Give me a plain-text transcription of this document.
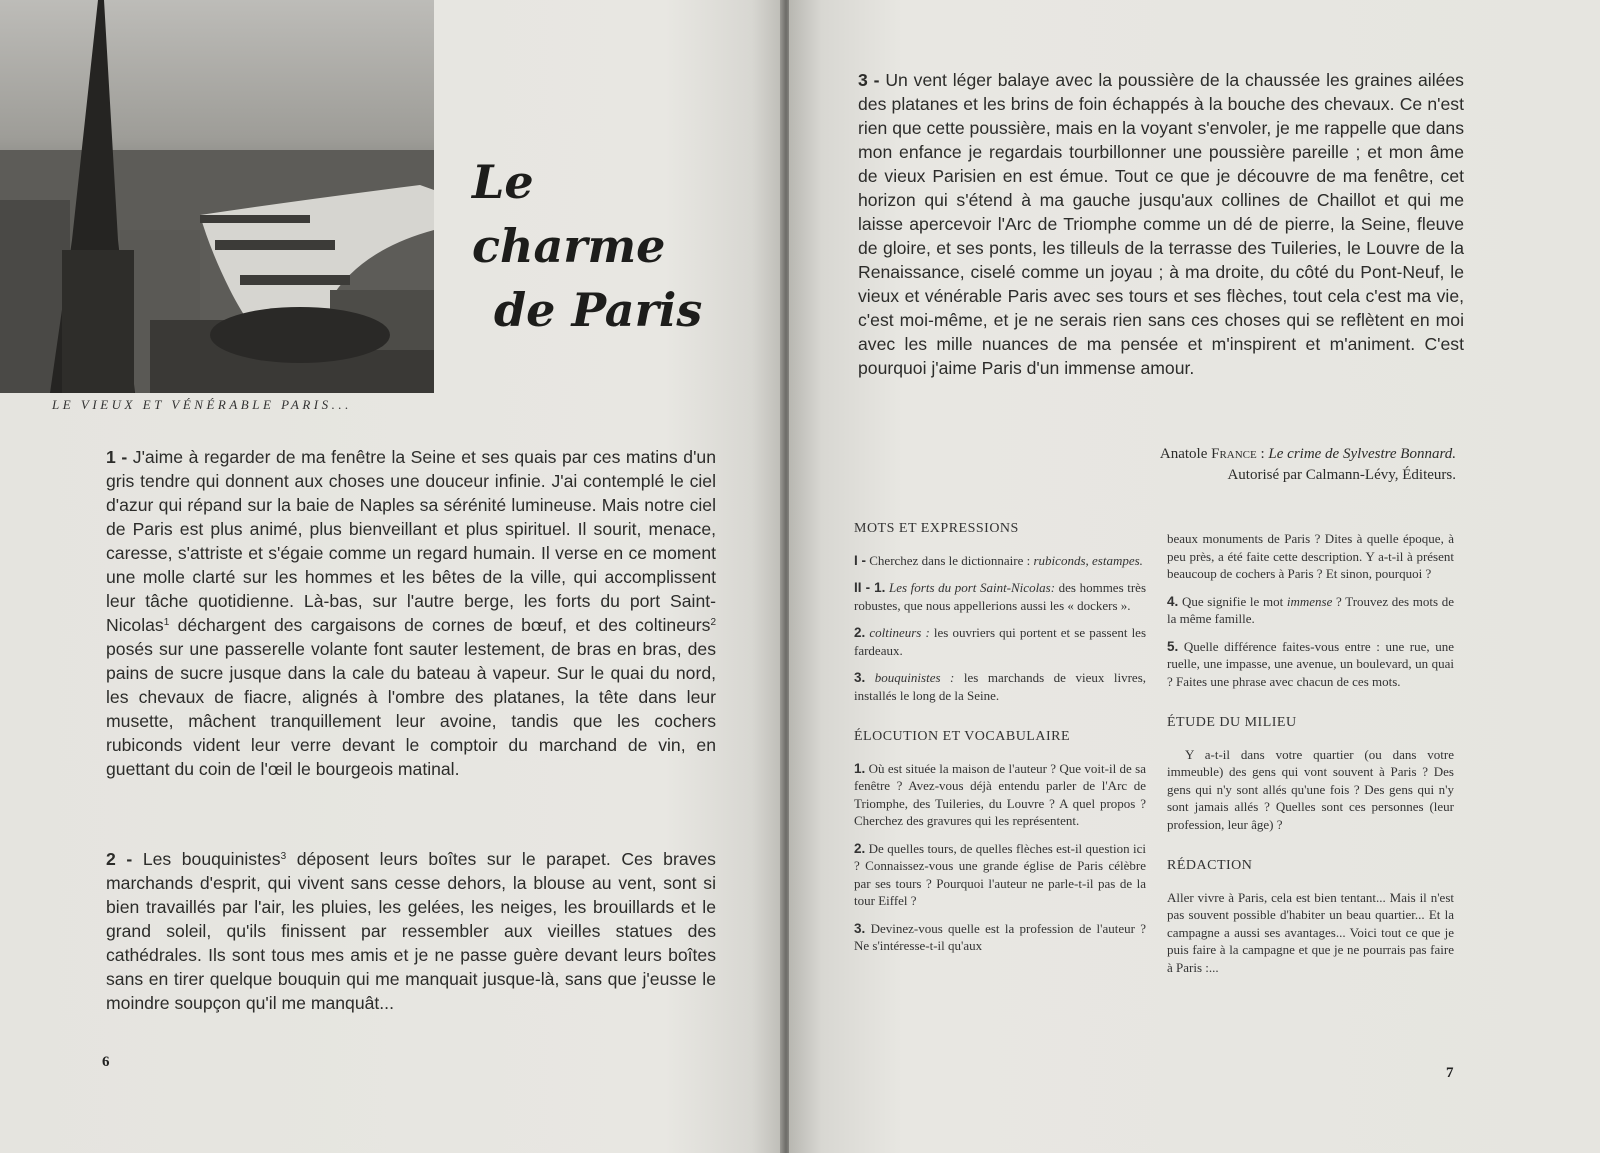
LE VIEUX ET VÉNÉRABLE PARIS...
Le charme
de Paris

1 - J'aime à regarder de ma fenêtre la Seine et ses quais par ces matins d'un gris tendre qui donnent aux choses une douceur infinie. J'ai contemplé le ciel d'azur qui répand sur la baie de Naples sa sérénité lumineuse. Mais notre ciel de Paris est plus animé, plus bienveillant et plus spirituel. Il sourit, menace, caresse, s'attriste et s'égaie comme un regard humain. Il verse en ce moment une molle clarté sur les hommes et les bêtes de la ville, qui accomplissent leur tâche quotidienne. Là-bas, sur l'autre berge, les forts du port Saint-Nicolas$^1$ déchargent des cargaisons de cornes de bœuf, et des coltineurs$^2$ posés sur une passerelle volante font sauter lestement, de bras en bras, des pains de sucre jusque dans la cale du bateau à vapeur. Sur le quai du nord, les chevaux de fiacre, alignés à l'ombre des platanes, la tête dans leur musette, mâchent tranquillement leur avoine, tandis que les cochers rubiconds vident leur verre devant le comptoir du marchand de vin, en guettant du coin de l'œil le bourgeois matinal.

2 - Les bouquinistes$^3$ déposent leurs boîtes sur le parapet. Ces braves marchands d'esprit, qui vivent sans cesse dehors, la blouse au vent, sont si bien travaillés par l'air, les pluies, les gelées, les neiges, les brouillards et le grand soleil, qu'ils finissent par ressembler aux vieilles statues des cathédrales. Ils sont tous mes amis et je ne passe guère devant leurs boîtes sans en tirer quelque bouquin qui me manquait jusque-là, sans que j'eusse le moindre soupçon qu'il me manquât...

6

3 - Un vent léger balaye avec la poussière de la chaussée les graines ailées des platanes et les brins de foin échappés à la bouche des chevaux. Ce n'est rien que cette poussière, mais en la voyant s'envoler, je me rappelle que dans mon enfance je regardais tourbillonner une poussière pareille ; et mon âme de vieux Parisien en est émue. Tout ce que je découvre de ma fenêtre, cet horizon qui s'étend à ma gauche jusqu'aux collines de Chaillot et qui me laisse apercevoir l'Arc de Triomphe comme un dé de pierre, la Seine, fleuve de gloire, et ses ponts, les tilleuls de la terrasse des Tuileries, le Louvre de la Renaissance, ciselé comme un joyau ; à ma droite, du côté du Pont-Neuf, le vieux et vénérable Paris avec ses tours et ses flèches, tout cela c'est ma vie, c'est moi-même, et je ne serais rien sans ces choses qui se reflètent en moi avec les mille nuances de ma pensée et m'inspirent et m'animent. C'est pourquoi j'aime Paris d'un immense amour.

Anatole France : Le crime de Sylvestre Bonnard.
Autorisé par Calmann-Lévy, Éditeurs.
MOTS ET EXPRESSIONS
I - Cherchez dans le dictionnaire : rubiconds, estampes.
II - 1. Les forts du port Saint-Nicolas: des hommes très robustes, que nous appellerions aussi les « dockers ».
2. coltineurs : les ouvriers qui portent et se passent les fardeaux.
3. bouquinistes : les marchands de vieux livres, installés le long de la Seine.
ÉLOCUTION ET VOCABULAIRE
1. Où est située la maison de l'auteur ? Que voit-il de sa fenêtre ? Avez-vous déjà entendu parler de l'Arc de Triomphe, des Tuileries, du Louvre ? A quel propos ? Cherchez des gravures qui les représentent.
2. De quelles tours, de quelles flèches est-il question ici ? Connaissez-vous une grande église de Paris célèbre par ses tours ? Pourquoi l'auteur ne parle-t-il pas de la tour Eiffel ?
3. Devinez-vous quelle est la profession de l'auteur ? Ne s'intéresse-t-il qu'aux
beaux monuments de Paris ? Dites à quelle époque, à peu près, a été faite cette description. Y a-t-il à présent beaucoup de cochers à Paris ? Et sinon, pourquoi ?
4. Que signifie le mot immense ? Trouvez des mots de la même famille.
5. Quelle différence faites-vous entre : une rue, une ruelle, une impasse, une avenue, un boulevard, un quai ? Faites une phrase avec chacun de ces mots.
ÉTUDE DU MILIEU
Y a-t-il dans votre quartier (ou dans votre immeuble) des gens qui vont souvent à Paris ? Des gens qui n'y sont allés qu'une fois ? Des gens qui n'y sont jamais allés ? Quelles sont ces personnes (leur profession, leur âge) ?
RÉDACTION
Aller vivre à Paris, cela est bien tentant... Mais il n'est pas souvent possible d'habiter un beau quartier... Et la campagne a aussi ses avantages... Voici tout ce que je puis faire à la campagne et que je ne pourrais pas faire à Paris :...
7
